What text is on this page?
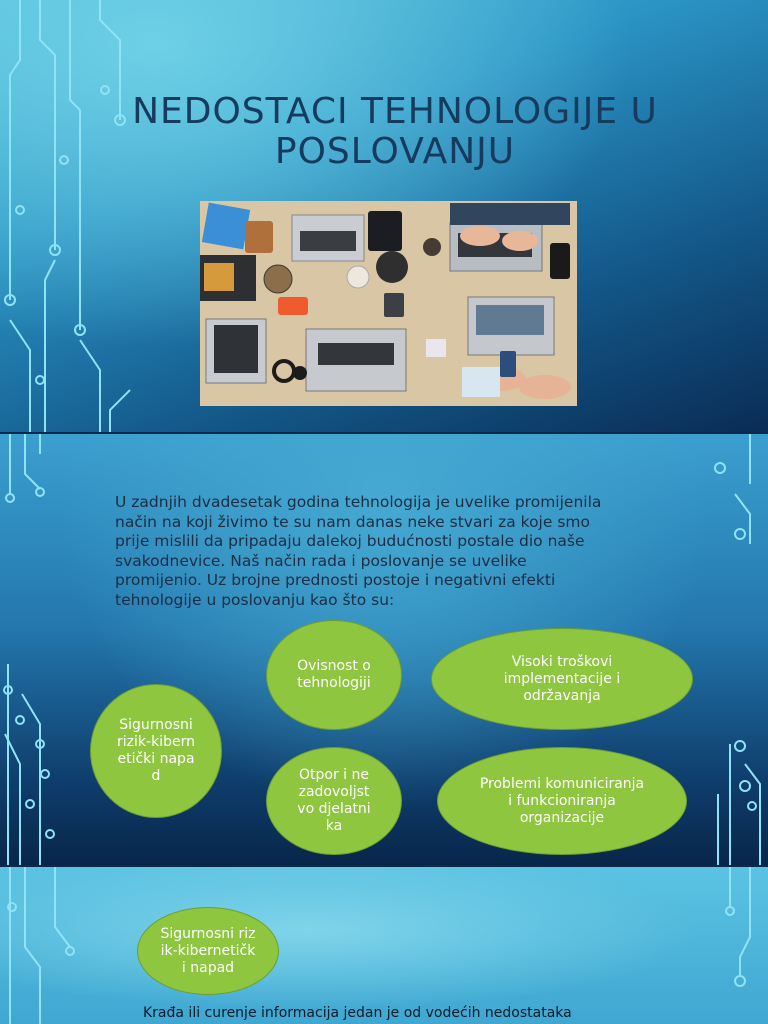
NEDOSTACI TEHNOLOGIJE U POSLOVANJU

U zadnjih dvadesetak godina tehnologija je uvelike promijenila način na koji živimo te su nam danas neke stvari za koje smo prije mislili da pripadaju dalekoj budućnosti postale dio naše svakodnevice. Naš način rada i poslovanje se uvelike promijenio. Uz brojne prednosti postoje i negativni efekti tehnologije u poslovanju kao što su:

Ovisnost o tehnologiji
Visoki troškovi implementacije i održavanja
Sigurnosni rizik-kibernetički napad	Otpor i nezadovoljstvo djelatnika
Problemi komuniciranja i funkcioniranja organizacije
Sigurnosni rizik-kibernetički napad
Krađa ili curenje informacija jedan je od vodećih nedostataka
